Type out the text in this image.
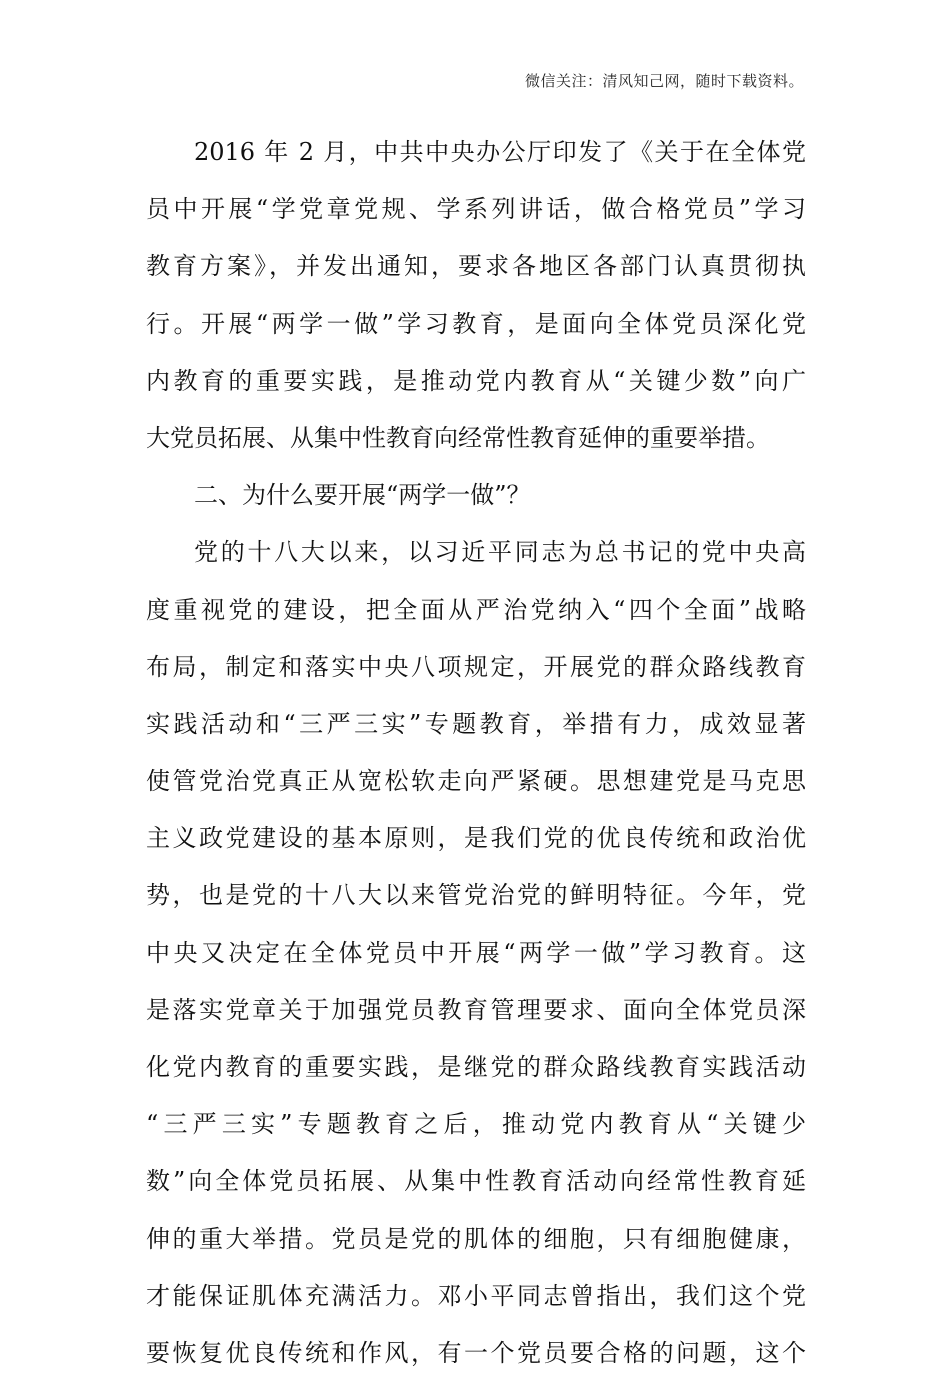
微信关注：清风知己网，随时下载资料。
2016 年 2 月，中共中央办公厅印发了《关于在全体党
员中开展“学党章党规、学系列讲话，做合格党员”学习
教育方案》，并发出通知，要求各地区各部门认真贯彻执
行。开展“两学一做”学习教育，是面向全体党员深化党
内教育的重要实践，是推动党内教育从“关键少数”向广
大党员拓展、从集中性教育向经常性教育延伸的重要举措。
二、为什么要开展“两学一做”？
党的十八大以来，以习近平同志为总书记的党中央高
度重视党的建设，把全面从严治党纳入“四个全面”战略
布局，制定和落实中央八项规定，开展党的群众路线教育
实践活动和“三严三实”专题教育，举措有力，成效显著
使管党治党真正从宽松软走向严紧硬。思想建党是马克思
主义政党建设的基本原则，是我们党的优良传统和政治优
势，也是党的十八大以来管党治党的鲜明特征。今年，党
中央又决定在全体党员中开展“两学一做”学习教育。这
是落实党章关于加强党员教育管理要求、面向全体党员深
化党内教育的重要实践，是继党的群众路线教育实践活动
“三严三实”专题教育之后，推动党内教育从“关键少
数”向全体党员拓展、从集中性教育活动向经常性教育延
伸的重大举措。党员是党的肌体的细胞，只有细胞健康，
才能保证肌体充满活力。邓小平同志曾指出，我们这个党
要恢复优良传统和作风，有一个党员要合格的问题，这个
